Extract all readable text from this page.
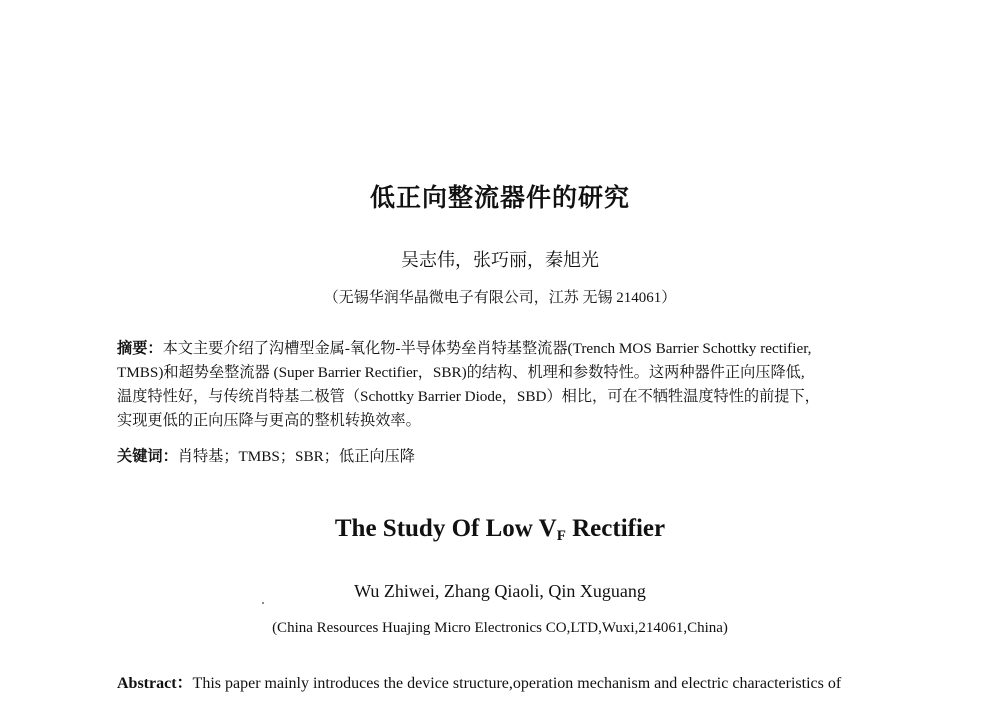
低正向整流器件的研究
吴志伟，张巧丽，秦旭光
（无锡华润华晶微电子有限公司，江苏 无锡 214061）
摘要：本文主要介绍了沟槽型金属-氧化物-半导体势垒肖特基整流器(Trench MOS Barrier Schottky rectifier,
TMBS)和超势垒整流器 (Super Barrier Rectifier，SBR)的结构、机理和参数特性。这两种器件正向压降低,
温度特性好，与传统肖特基二极管（Schottky Barrier Diode，SBD）相比，可在不牺牲温度特性的前提下，
实现更低的正向压降与更高的整机转换效率。
关键词：肖特基；TMBS；SBR；低正向压降
The Study Of Low $V_F$ Rectifier
Wu Zhiwei, Zhang Qiaoli, Qin Xuguang
(China Resources Huajing Micro Electronics CO,LTD,Wuxi,214061,China)
Abstract：This paper mainly introduces the device structure,operation mechanism and electric characteristics of
